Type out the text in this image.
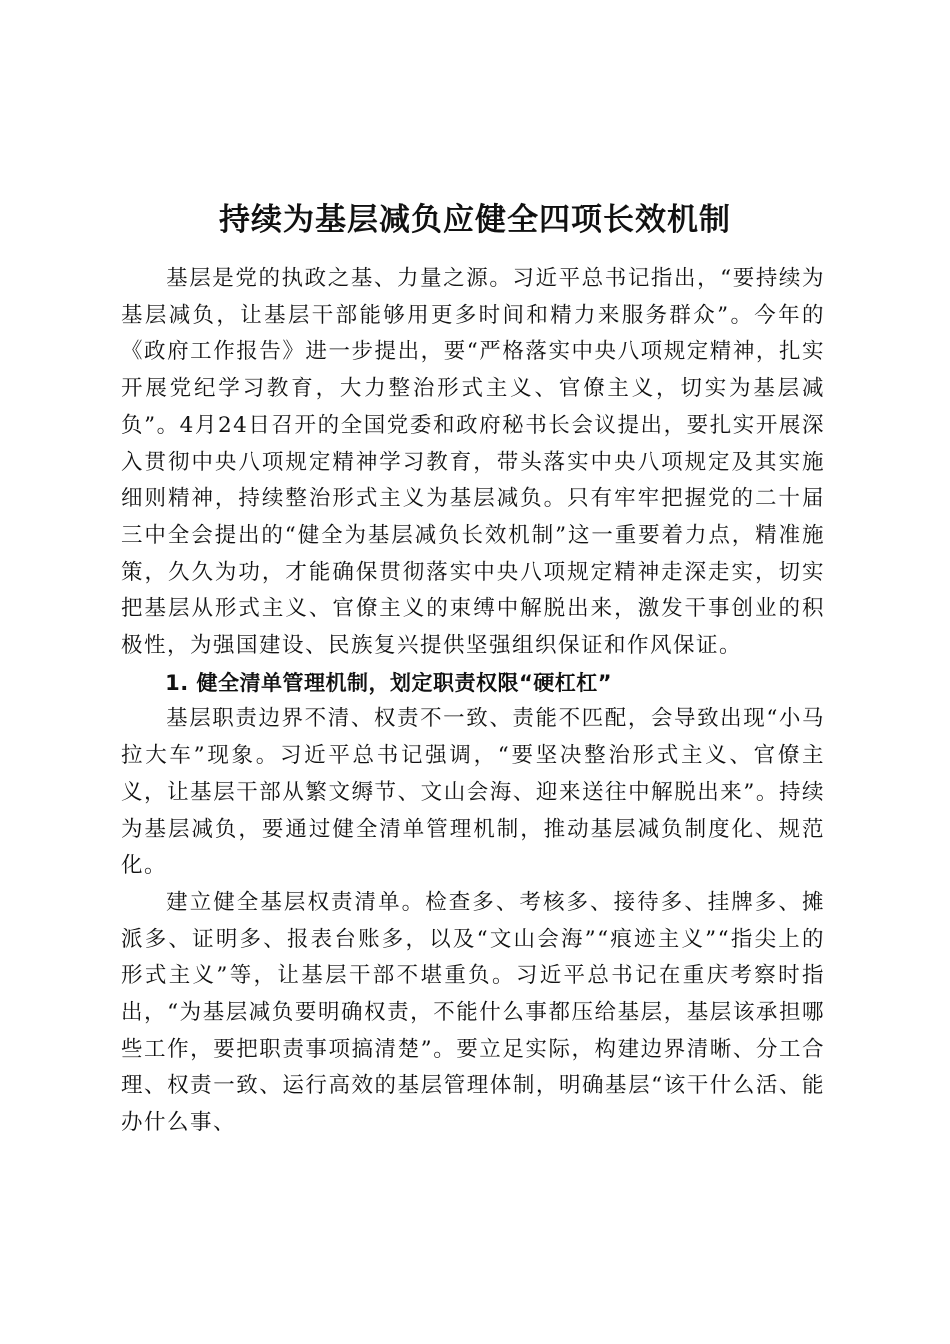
持续为基层减负应健全四项长效机制

基层是党的执政之基、力量之源。习近平总书记指出，“要持续为基层减负，让基层干部能够用更多时间和精力来服务群众”。今年的《政府工作报告》进一步提出，要“严格落实中央八项规定精神，扎实开展党纪学习教育，大力整治形式主义、官僚主义，切实为基层减负”。4月24日召开的全国党委和政府秘书长会议提出，要扎实开展深入贯彻中央八项规定精神学习教育，带头落实中央八项规定及其实施细则精神，持续整治形式主义为基层减负。只有牢牢把握党的二十届三中全会提出的“健全为基层减负长效机制”这一重要着力点，精准施策，久久为功，才能确保贯彻落实中央八项规定精神走深走实，切实把基层从形式主义、官僚主义的束缚中解脱出来，激发干事创业的积极性，为强国建设、民族复兴提供坚强组织保证和作风保证。

1. 健全清单管理机制，划定职责权限“硬杠杠”

基层职责边界不清、权责不一致、责能不匹配，会导致出现“小马拉大车”现象。习近平总书记强调，“要坚决整治形式主义、官僚主义，让基层干部从繁文缛节、文山会海、迎来送往中解脱出来”。持续为基层减负，要通过健全清单管理机制，推动基层减负制度化、规范化。

建立健全基层权责清单。检查多、考核多、接待多、挂牌多、摊派多、证明多、报表台账多，以及“文山会海”“痕迹主义”“指尖上的形式主义”等，让基层干部不堪重负。习近平总书记在重庆考察时指出，“为基层减负要明确权责，不能什么事都压给基层，基层该承担哪些工作，要把职责事项搞清楚”。要立足实际，构建边界清晰、分工合理、权责一致、运行高效的基层管理体制，明确基层“该干什么活、能办什么事、
